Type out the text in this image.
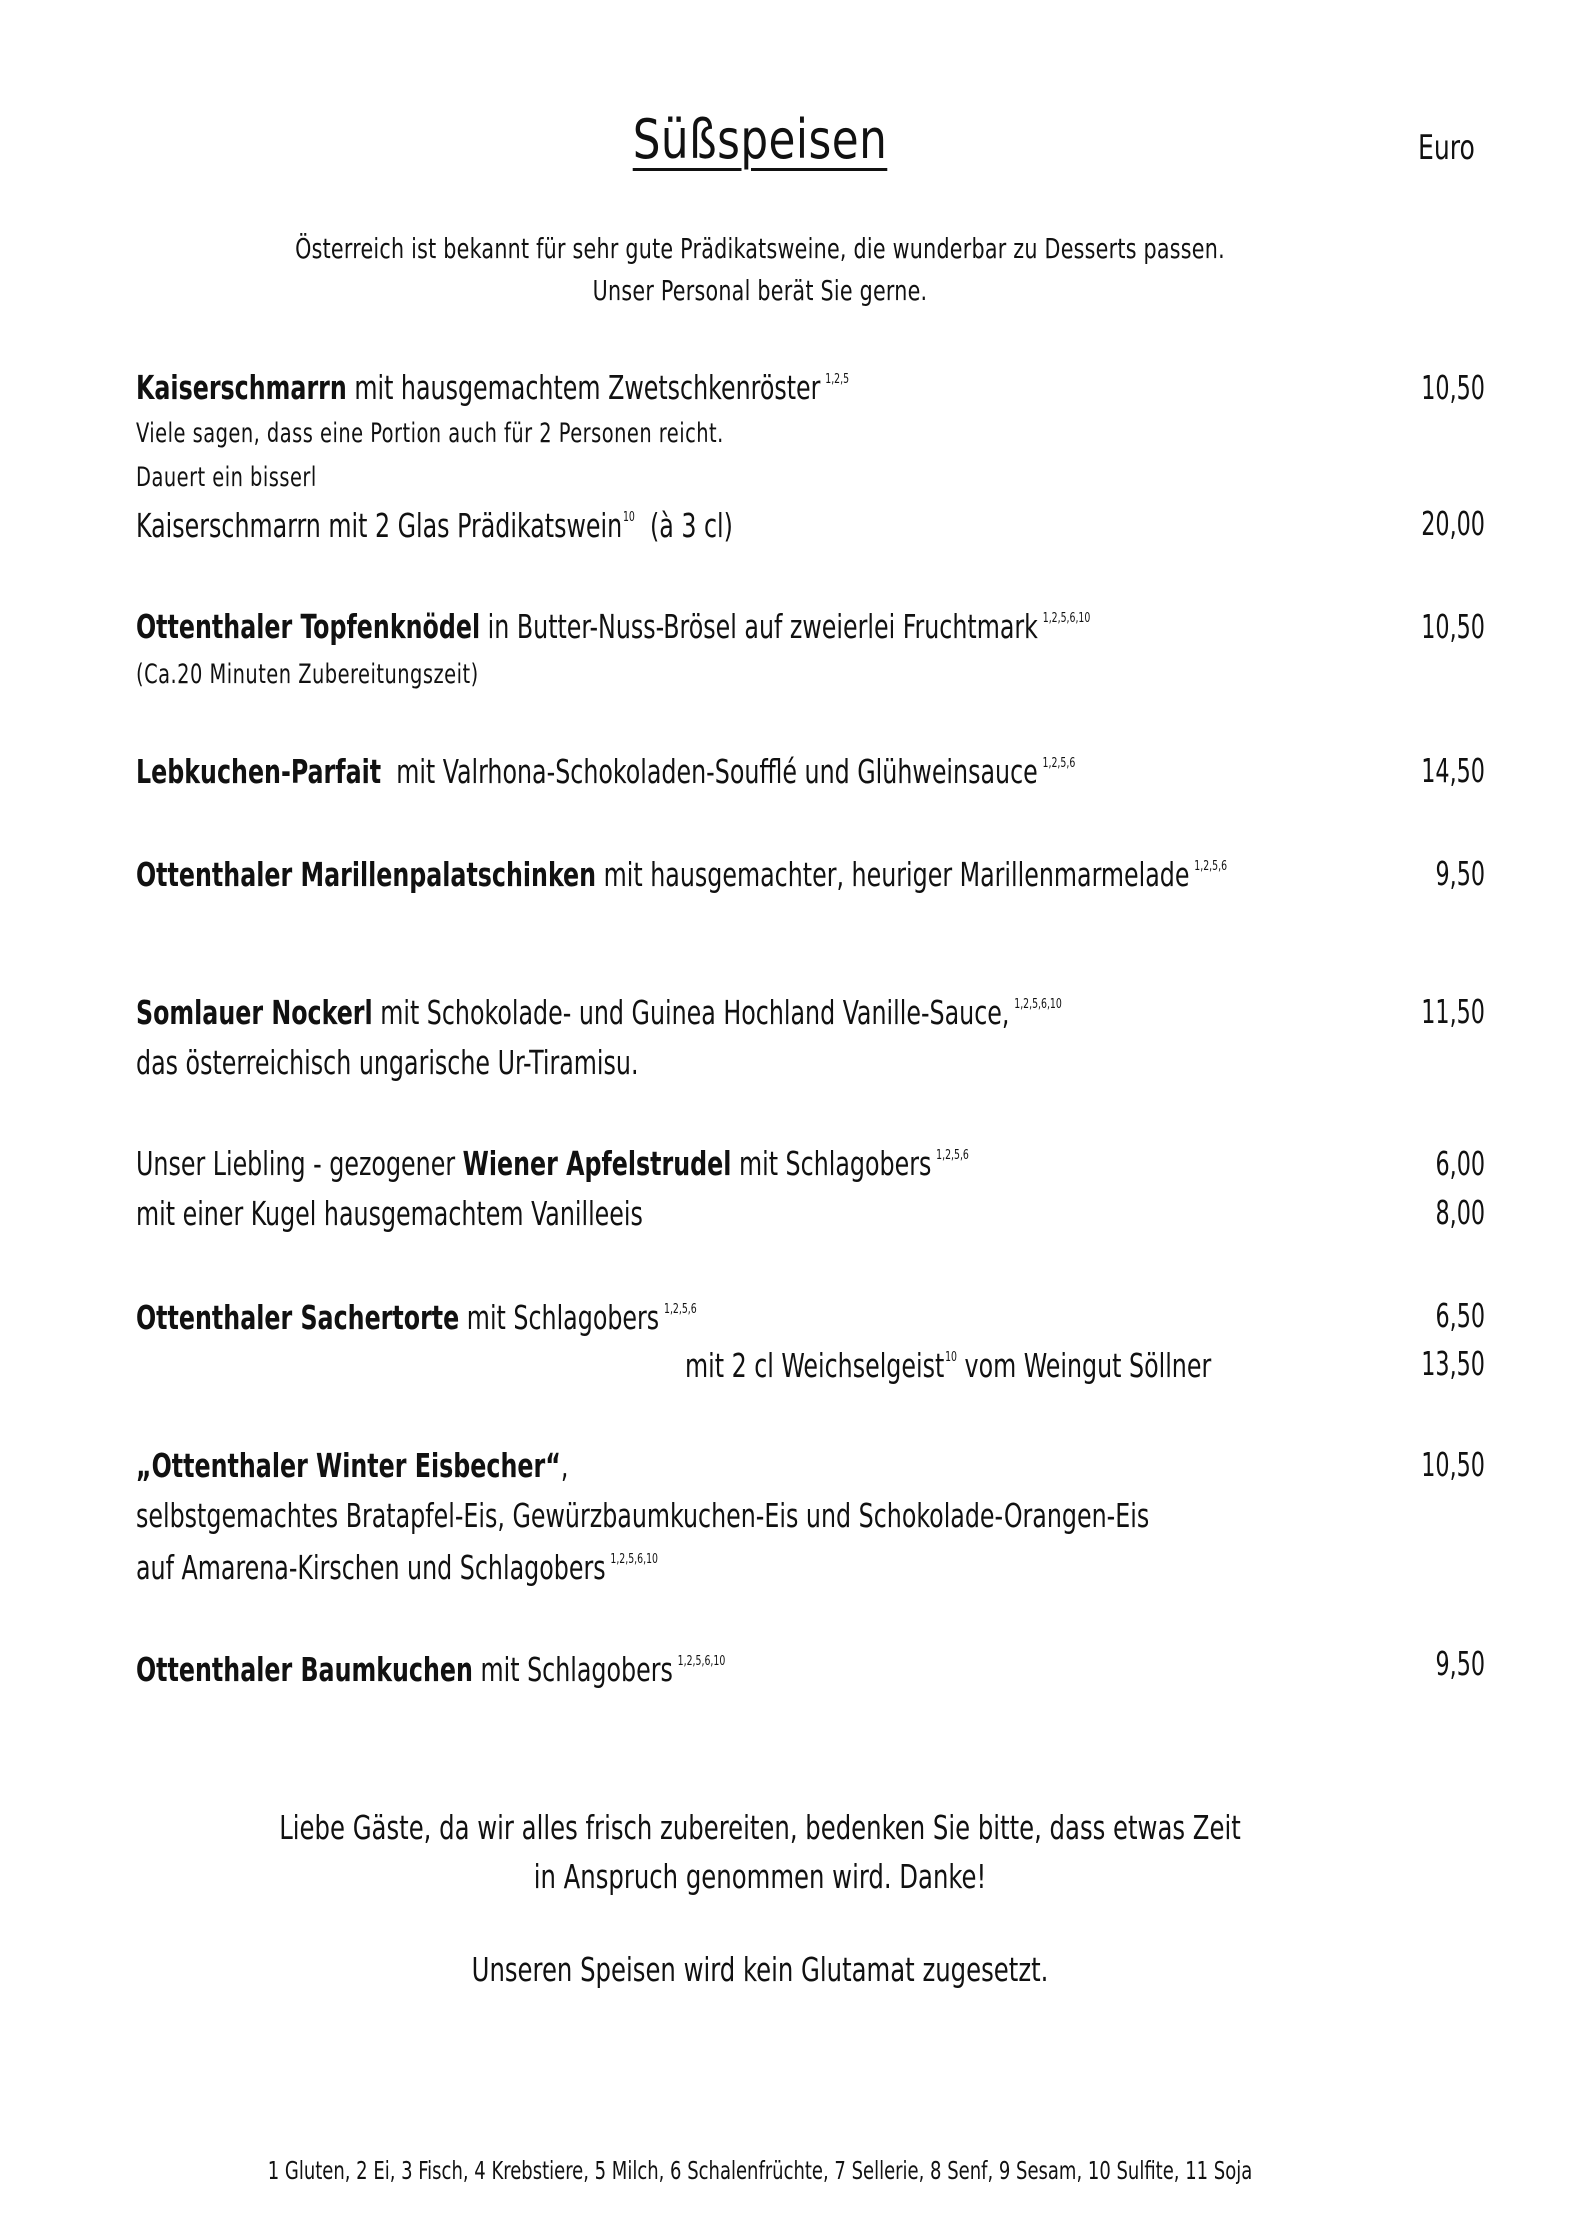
Süßspeisen	Euro
Österreich ist bekannt für sehr gute Prädikatsweine, die wunderbar zu Desserts passen.
Unser Personal berät Sie gerne.
Kaiserschmarrn mit hausgemachtem Zwetschkenröster $^{1,2,5}$	10,50
Viele sagen, dass eine Portion auch für 2 Personen reicht.
Dauert ein bisserl
Kaiserschmarrn mit 2 Glas Prädikatswein$^{10}$ (à 3 cl)	20,00
Ottenthaler Topfenknödel in Butter-Nuss-Brösel auf zweierlei Fruchtmark $^{1,2,5,6,10}$	10,50
(Ca.20 Minuten Zubereitungszeit)
Lebkuchen-Parfait  mit Valrhona-Schokoladen-Soufflé und Glühweinsauce $^{1,2,5,6}$	14,50
Ottenthaler Marillenpalatschinken mit hausgemachter, heuriger Marillenmarmelade $^{1,2,5,6}$	9,50
Somlauer Nockerl mit Schokolade- und Guinea Hochland Vanille-Sauce, $^{1,2,5,6,10}$	11,50
das österreichisch ungarische Ur-Tiramisu.
Unser Liebling - gezogener Wiener Apfelstrudel mit Schlagobers $^{1,2,5,6}$	6,00
mit einer Kugel hausgemachtem Vanilleeis	8,00
Ottenthaler Sachertorte mit Schlagobers $^{1,2,5,6}$	6,50
mit 2 cl Weichselgeist$^{10}$ vom Weingut Söllner	13,50
„Ottenthaler Winter Eisbecher“,	10,50
selbstgemachtes Bratapfel-Eis, Gewürzbaumkuchen-Eis und Schokolade-Orangen-Eis
auf Amarena-Kirschen und Schlagobers $^{1,2,5,6,10}$
Ottenthaler Baumkuchen mit Schlagobers $^{1,2,5,6,10}$	9,50
Liebe Gäste, da wir alles frisch zubereiten, bedenken Sie bitte, dass etwas Zeit
in Anspruch genommen wird. Danke!
Unseren Speisen wird kein Glutamat zugesetzt.
1 Gluten, 2 Ei, 3 Fisch, 4 Krebstiere, 5 Milch, 6 Schalenfrüchte, 7 Sellerie, 8 Senf, 9 Sesam, 10 Sulfite, 11 Soja
